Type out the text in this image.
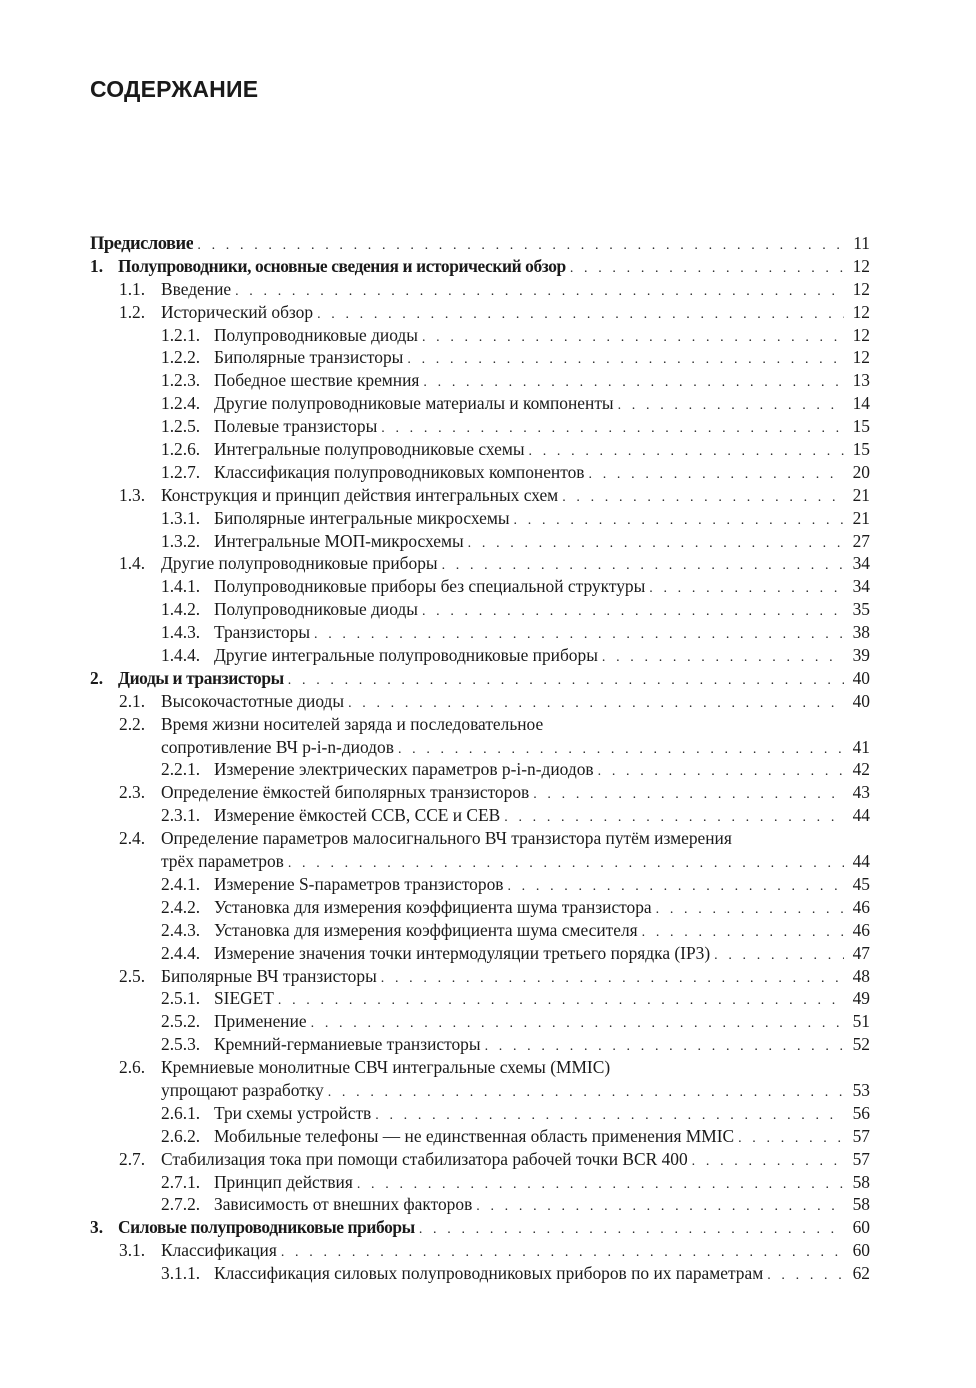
СОДЕРЖАНИЕ
Предисловие . . .	11
1. Полупроводники, основные сведения и исторический обзор . . .	12
1.1. Введение . . .	12
1.2. Исторический обзор . . .	12
1.2.1. Полупроводниковые диоды . . .	12
1.2.2. Биполярные транзисторы . . .	12
1.2.3. Победное шествие кремния . . .	13
1.2.4. Другие полупроводниковые материалы и компоненты . . .	14
1.2.5. Полевые транзисторы . . .	15
1.2.6. Интегральные полупроводниковые схемы . . .	15
1.2.7. Классификация полупроводниковых компонентов . . .	20
1.3. Конструкция и принцип действия интегральных схем . . .	21
1.3.1. Биполярные интегральные микросхемы . . .	21
1.3.2. Интегральные МОП-микросхемы . . .	27
1.4. Другие полупроводниковые приборы . . .	34
1.4.1. Полупроводниковые приборы без специальной структуры . . .	34
1.4.2. Полупроводниковые диоды . . .	35
1.4.3. Транзисторы . . .	38
1.4.4. Другие интегральные полупроводниковые приборы . . .	39
2. Диоды и транзисторы . . .	40
2.1. Высокочастотные диоды . . .	40
2.2. Время жизни носителей заряда и последовательное
сопротивление ВЧ p-i-n-диодов . . .	41
2.2.1. Измерение электрических параметров p-i-n-диодов . . .	42
2.3. Определение ёмкостей биполярных транзисторов . . .	43
2.3.1. Измерение ёмкостей CCB, CCE и CEB . . .	44
2.4. Определение параметров малосигнального ВЧ транзистора путём измерения
трёх параметров . . .	44
2.4.1. Измерение S-параметров транзисторов . . .	45
2.4.2. Установка для измерения коэффициента шума транзистора . . .	46
2.4.3. Установка для измерения коэффициента шума смесителя . . .	46
2.4.4. Измерение значения точки интермодуляции третьего порядка (IP3) . . .	47
2.5. Биполярные ВЧ транзисторы . . .	48
2.5.1. SIEGET . . .	49
2.5.2. Применение . . .	51
2.5.3. Кремний-германиевые транзисторы . . .	52
2.6. Кремниевые монолитные СВЧ интегральные схемы (MMIC)
упрощают разработку . . .	53
2.6.1. Три схемы устройств . . .	56
2.6.2. Мобильные телефоны — не единственная область применения MMIC . . .	57
2.7. Стабилизация тока при помощи стабилизатора рабочей точки BCR 400 . . .	57
2.7.1. Принцип действия . . .	58
2.7.2. Зависимость от внешних факторов . . .	58
3. Силовые полупроводниковые приборы . . .	60
3.1. Классификация . . .	60
3.1.1. Классификация силовых полупроводниковых приборов по их параметрам . . .	62
